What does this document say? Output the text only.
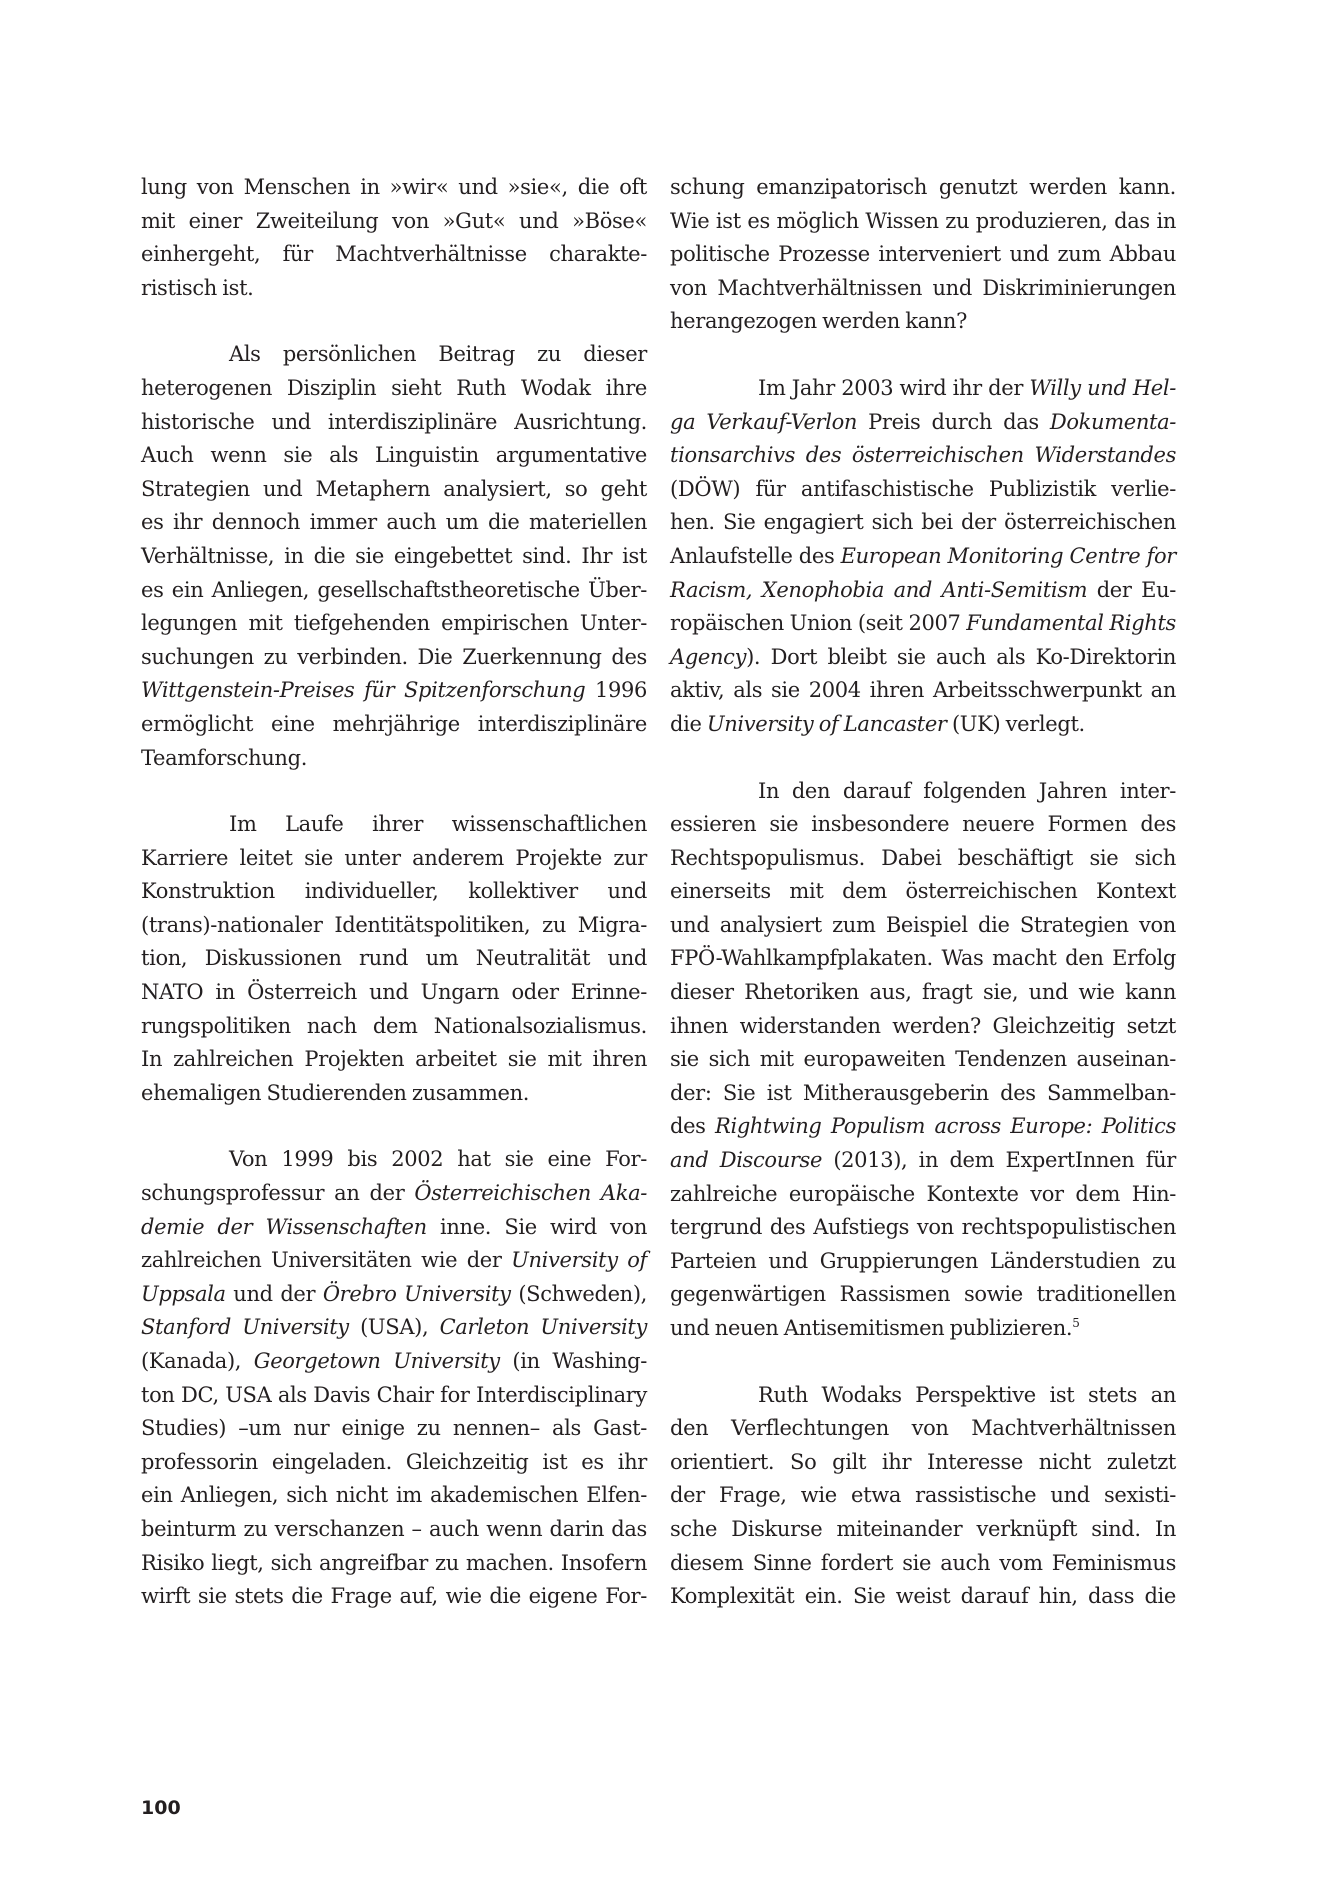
lung von Menschen in »wir« und »sie«, die oft
mit einer Zweiteilung von »Gut« und »Böse«
einhergeht, für Machtverhältnisse charakte-
ristisch ist.
Als persönlichen Beitrag zu dieser
heterogenen Disziplin sieht Ruth Wodak ihre
historische und interdisziplinäre Ausrichtung.
Auch wenn sie als Linguistin argumentative
Strategien und Metaphern analysiert, so geht
es ihr dennoch immer auch um die materiellen
Verhältnisse, in die sie eingebettet sind. Ihr ist
es ein Anliegen, gesellschaftstheoretische Über-
legungen mit tiefgehenden empirischen Unter-
suchungen zu verbinden. Die Zuerkennung des
Wittgenstein-Preises für Spitzenforschung 1996
ermöglicht eine mehrjährige interdisziplinäre
Teamforschung.
Im Laufe ihrer wissenschaftlichen
Karriere leitet sie unter anderem Projekte zur
Konstruktion individueller, kollektiver und
(trans)-nationaler Identitätspolitiken, zu Migra-
tion, Diskussionen rund um Neutralität und
NATO in Österreich und Ungarn oder Erinne-
rungspolitiken nach dem Nationalsozialismus.
In zahlreichen Projekten arbeitet sie mit ihren
ehemaligen Studierenden zusammen.
Von 1999 bis 2002 hat sie eine For-
schungsprofessur an der Österreichischen Aka-
demie der Wissenschaften inne. Sie wird von
zahlreichen Universitäten wie der University of
Uppsala und der Örebro University (Schweden),
Stanford University (USA), Carleton University
(Kanada), Georgetown University (in Washing-
ton DC, USA als Davis Chair for Interdisciplinary
Studies) –um nur einige zu nennen– als Gast-
professorin eingeladen. Gleichzeitig ist es ihr
ein Anliegen, sich nicht im akademischen Elfen-
beinturm zu verschanzen – auch wenn darin das
Risiko liegt, sich angreifbar zu machen. Insofern
wirft sie stets die Frage auf, wie die eigene For-
schung emanzipatorisch genutzt werden kann.
Wie ist es möglich Wissen zu produzieren, das in
politische Prozesse interveniert und zum Abbau
von Machtverhältnissen und Diskriminierungen
herangezogen werden kann?
Im Jahr 2003 wird ihr der Willy und Hel-
ga Verkauf-Verlon Preis durch das Dokumenta-
tionsarchivs des österreichischen Widerstandes
(DÖW) für antifaschistische Publizistik verlie-
hen. Sie engagiert sich bei der österreichischen
Anlaufstelle des European Monitoring Centre for
Racism, Xenophobia and Anti-Semitism der Eu-
ropäischen Union (seit 2007 Fundamental Rights
Agency). Dort bleibt sie auch als Ko-Direktorin
aktiv, als sie 2004 ihren Arbeitsschwerpunkt an
die University of Lancaster (UK) verlegt.
In den darauf folgenden Jahren inter-
essieren sie insbesondere neuere Formen des
Rechtspopulismus. Dabei beschäftigt sie sich
einerseits mit dem österreichischen Kontext
und analysiert zum Beispiel die Strategien von
FPÖ-Wahlkampfplakaten. Was macht den Erfolg
dieser Rhetoriken aus, fragt sie, und wie kann
ihnen widerstanden werden? Gleichzeitig setzt
sie sich mit europaweiten Tendenzen auseinan-
der: Sie ist Mitherausgeberin des Sammelban-
des Rightwing Populism across Europe: Politics
and Discourse (2013), in dem ExpertInnen für
zahlreiche europäische Kontexte vor dem Hin-
tergrund des Aufstiegs von rechtspopulistischen
Parteien und Gruppierungen Länderstudien zu
gegenwärtigen Rassismen sowie traditionellen
und neuen Antisemitismen publizieren.$^5$
Ruth Wodaks Perspektive ist stets an
den Verflechtungen von Machtverhältnissen
orientiert. So gilt ihr Interesse nicht zuletzt
der Frage, wie etwa rassistische und sexisti-
sche Diskurse miteinander verknüpft sind. In
diesem Sinne fordert sie auch vom Feminismus
Komplexität ein. Sie weist darauf hin, dass die
100
